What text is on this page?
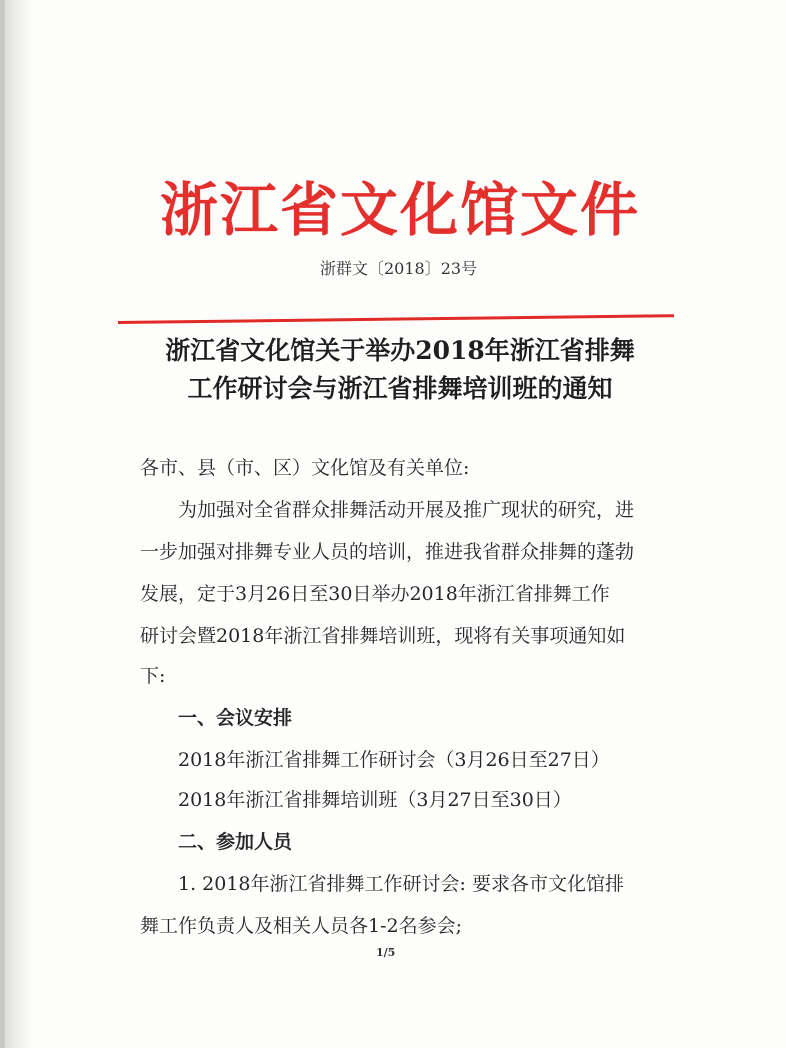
浙江省文化馆文件
浙群文〔2018〕23号
浙江省文化馆关于举办2018年浙江省排舞
工作研讨会与浙江省排舞培训班的通知
各市、县（市、区）文化馆及有关单位:
为加强对全省群众排舞活动开展及推广现状的研究，进
一步加强对排舞专业人员的培训，推进我省群众排舞的蓬勃
发展，定于3月26日至30日举办2018年浙江省排舞工作
研讨会暨2018年浙江省排舞培训班，现将有关事项通知如
下:
一、会议安排
2018年浙江省排舞工作研讨会（3月26日至27日）
2018年浙江省排舞培训班（3月27日至30日）
二、参加人员
1. 2018年浙江省排舞工作研讨会: 要求各市文化馆排
舞工作负责人及相关人员各1-2名参会;
1/5
